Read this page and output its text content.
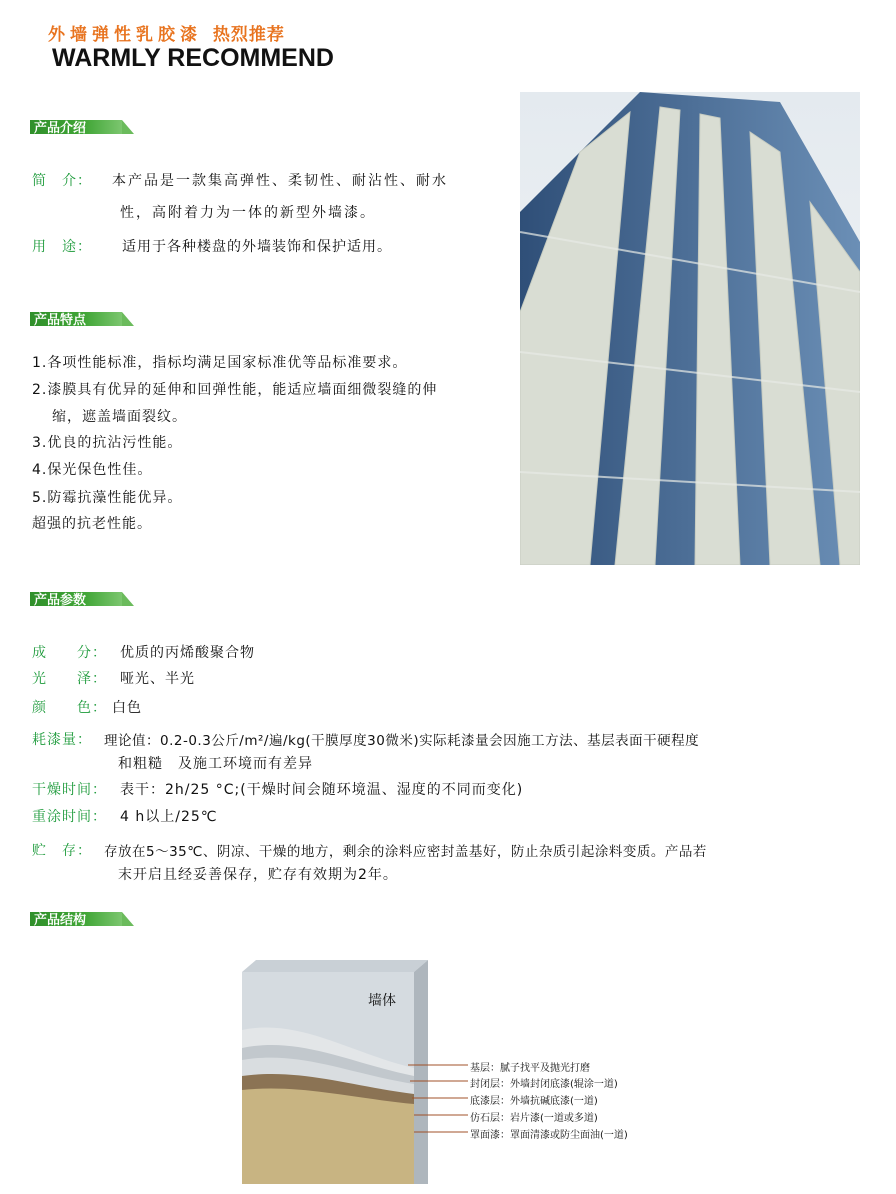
外墙弹性乳胶漆 热烈推荐
WARMLY RECOMMEND
产品介绍
简　介： 本产品是一款集高弹性、柔韧性、耐沾性、耐水
性，高附着力为一体的新型外墙漆。
用　途： 适用于各种楼盘的外墙装饰和保护适用。
产品特点
1.各项性能标准，指标均满足国家标准优等品标准要求。
2.漆膜具有优异的延伸和回弹性能，能适应墙面细微裂缝的伸
缩，遮盖墙面裂纹。
3.优良的抗沾污性能。
4.保光保色性佳。
5.防霉抗藻性能优异。
超强的抗老性能。
产品参数
成　　分： 优质的丙烯酸聚合物
光　　泽： 哑光、半光
颜　　色： 白色
耗漆量： 理论值：0.2-0.3公斤/m²/遍/kg(干膜厚度30微米)实际耗漆量会因施工方法、基层表面干硬程度
和粗糙　及施工环境而有差异
干燥时间： 表干：2h/25 °C;(干燥时间会随环境温、湿度的不同而变化)
重涂时间： 4 h以上/25℃
贮　存： 存放在5～35℃、阴凉、干燥的地方，剩余的涂料应密封盖基好，防止杂质引起涂料变质。产品若
末开启且经妥善保存，贮存有效期为2年。
产品结构
墙体
基层：腻子找平及抛光打磨
封闭层：外墙封闭底漆(辊涂一道)
底漆层：外墙抗碱底漆(一道)
仿石层：岩片漆(一道或多道)
罩面漆：罩面清漆或防尘面油(一道)
